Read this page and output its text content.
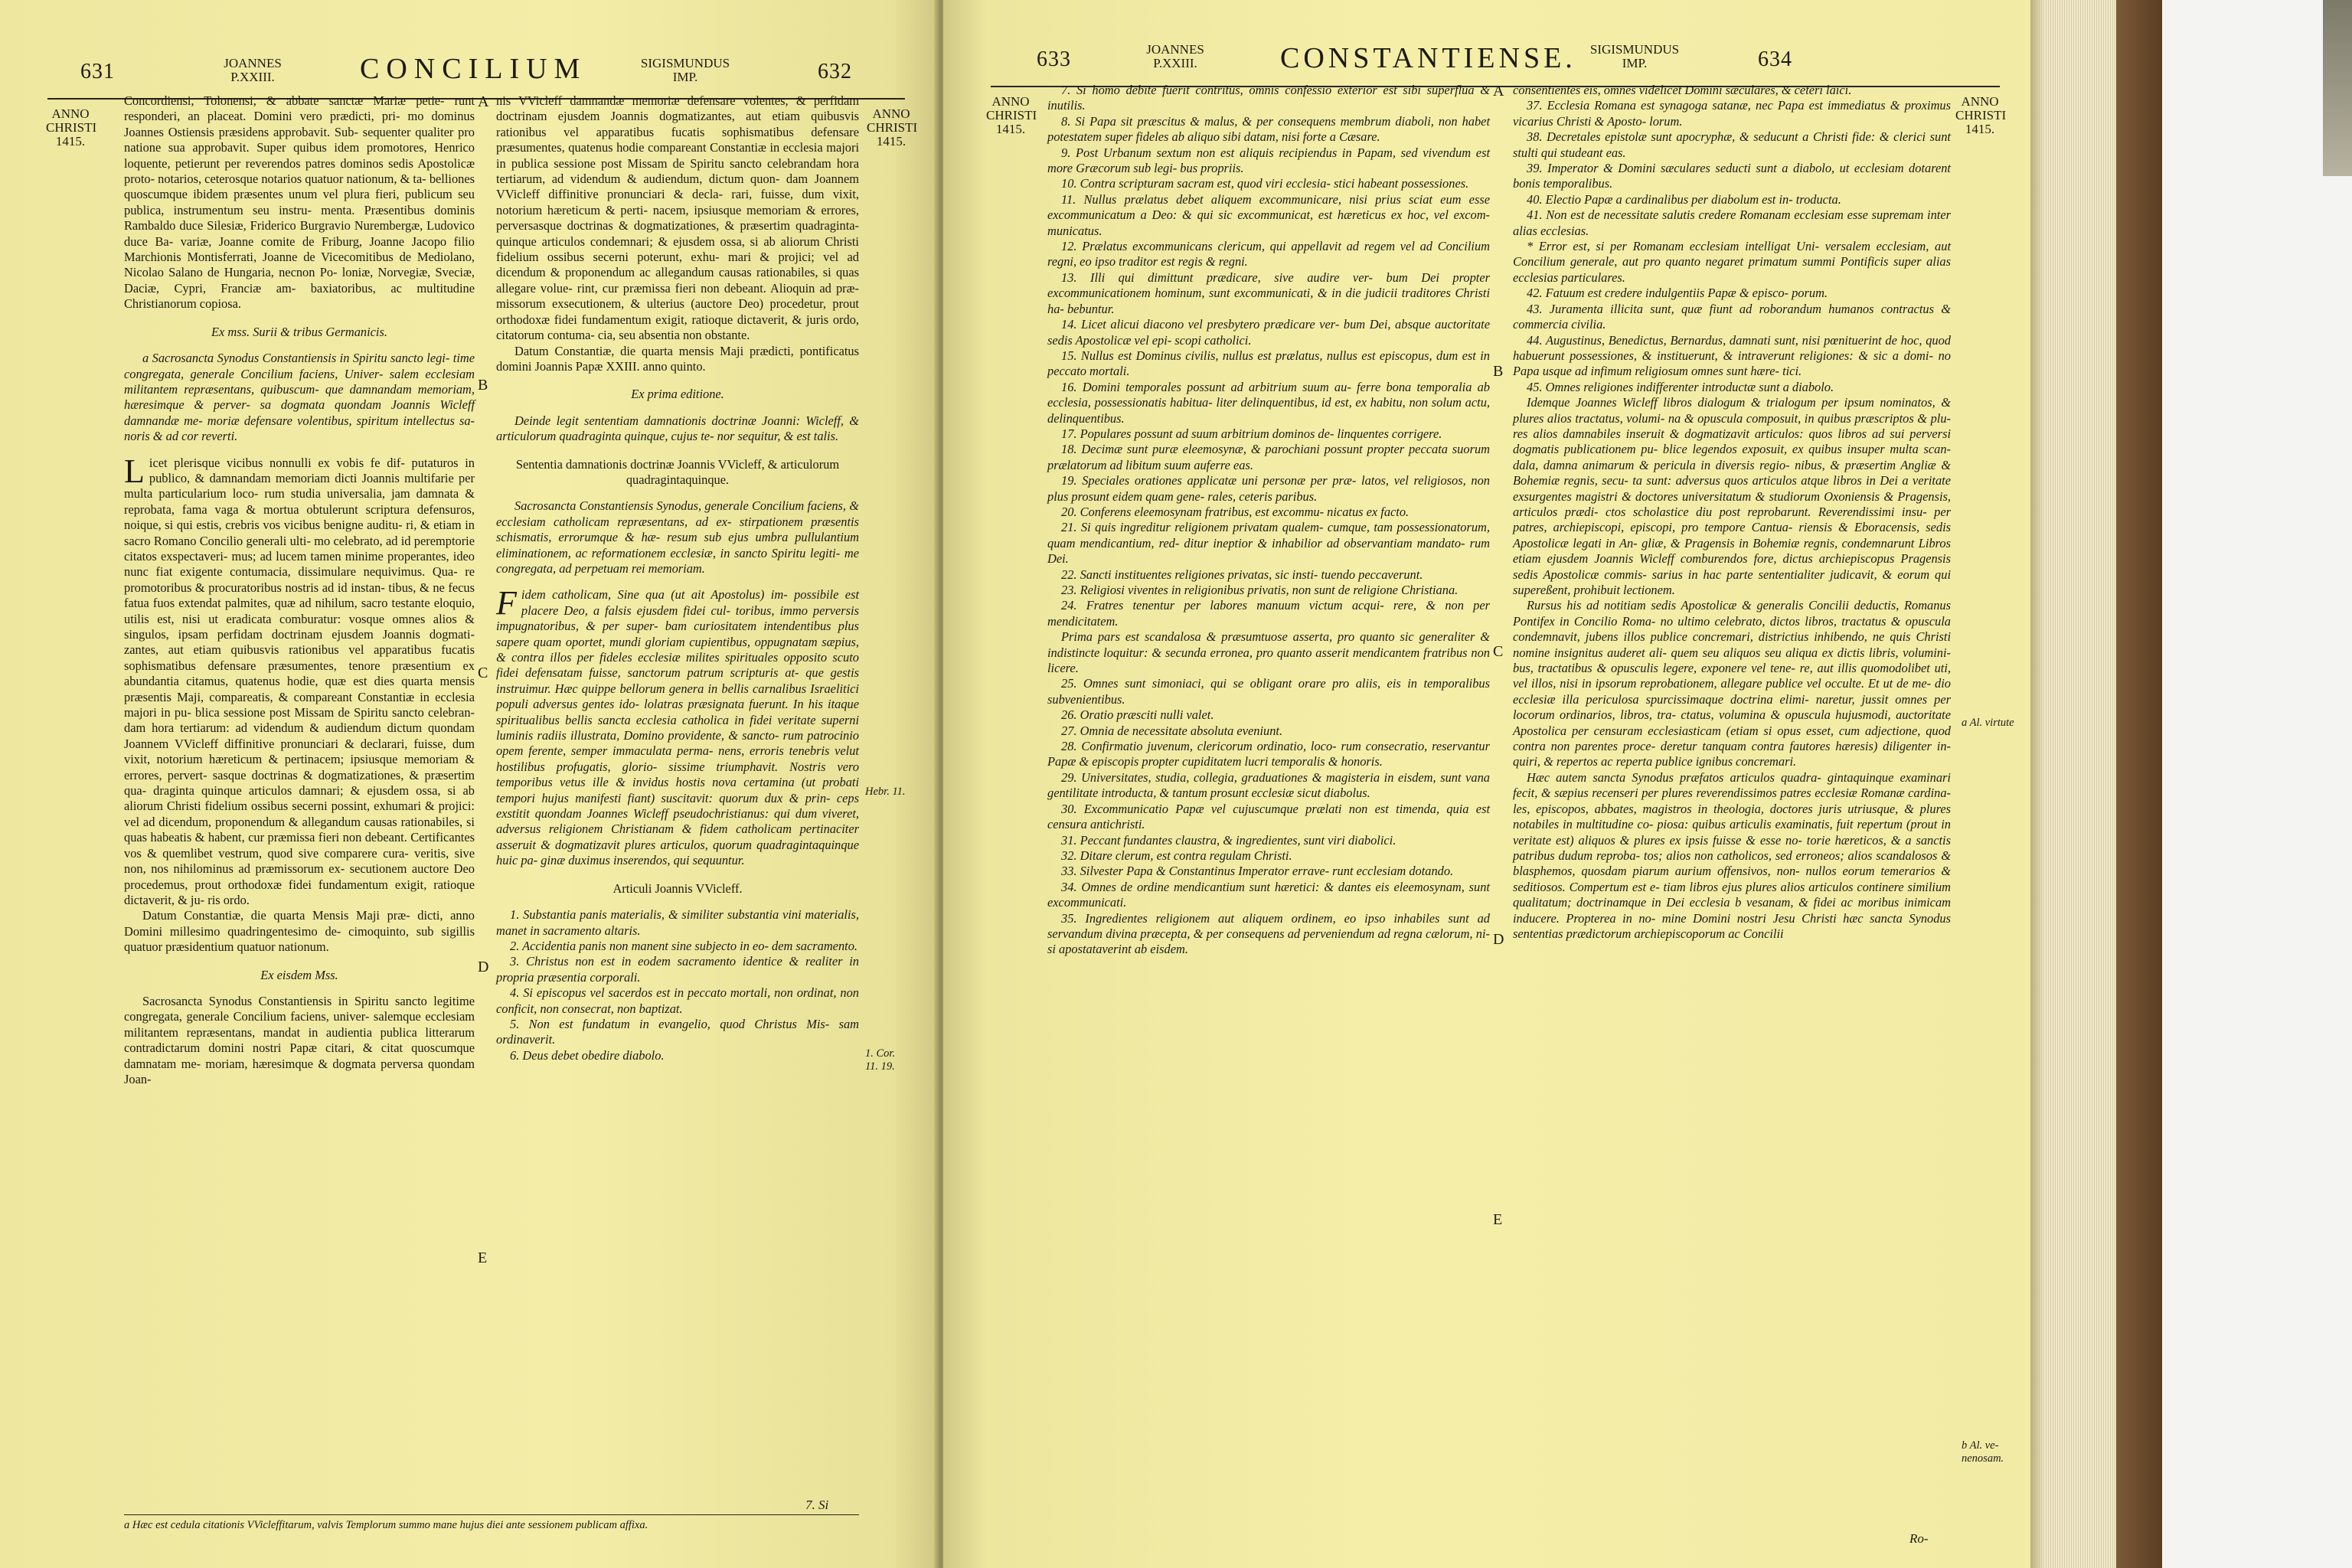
631	JOANNES P.XXIII.	CONCILIUM	SIGISMUNDUS IMP.	632
ANNO CHRISTI 1415.
ANNO CHRISTI 1415.

Concordiensi, Tolonensi, & abbate sanctæ Mariæ petie- runt responderi, an placeat. Domini vero prædicti, pri- mo dominus Joannes Ostiensis præsidens approbavit. Sub- sequenter qualiter pro natione sua approbavit. Super quibus idem promotores, Henrico loquente, petierunt per reverendos patres dominos sedis Apostolicæ proto- notarios, ceterosque notarios quatuor nationum, & ta- belliones quoscumque ibidem præsentes unum vel plura fieri, publicum seu publica, instrumentum seu instru- menta. Præsentibus dominis Rambaldo duce Silesiæ, Friderico Burgravio Nurembergæ, Ludovico duce Ba- variæ, Joanne comite de Friburg, Joanne Jacopo filio Marchionis Montisferrati, Joanne de Vicecomitibus de Mediolano, Nicolao Salano de Hungaria, necnon Po- loniæ, Norvegiæ, Sveciæ, Daciæ, Cypri, Franciæ am- baxiatoribus, ac multitudine Christianorum copiosa.

Ex mss. Surii & tribus Germanicis.

a Sacrosancta Synodus Constantiensis in Spiritu sancto legi- time congregata, generale Concilium faciens, Univer- salem ecclesiam militantem repræsentans, quibuscum- que damnandam memoriam, hæresimque & perver- sa dogmata quondam Joannis Wicleff damnandæ me- moriæ defensare volentibus, spiritum intellectus sa- noris & ad cor reverti.

Licet plerisque vicibus nonnulli ex vobis fe dif- putaturos in publico, & damnandam memoriam dicti Joannis multifarie per multa particularium loco- rum studia universalia, jam damnata & reprobata, fama vaga & mortua obtulerunt scriptura defensuros, noique, si qui estis, crebris vos vicibus benigne auditu- ri, & etiam in sacro Romano Concilio generali ulti- mo celebrato, ad id peremptorie citatos exspectaveri- mus; ad lucem tamen minime properantes, ideo nunc fiat exigente contumacia, dissimulare nequivimus. Qua- re promotoribus & procuratoribus nostris ad id instan- tibus, & ne fecus fatua fuos extendat palmites, quæ ad nihilum, sacro testante eloquio, utilis est, nisi ut eradicata comburatur: vosque omnes alios & singulos, ipsam perfidam doctrinam ejusdem Joannis dogmati- zantes, aut etiam quibusvis rationibus vel apparatibus fucatis sophismatibus defensare præsumentes, tenore præsentium ex abundantia citamus, quatenus hodie, quæ est dies quarta mensis præsentis Maji, compareatis, & compareant Constantiæ in ecclesia majori in pu- blica sessione post Missam de Spiritu sancto celebran- dam hora tertiarum: ad videndum & audiendum dictum quondam Joannem VVicleff diffinitive pronunciari & declarari, fuisse, dum vixit, notorium hæreticum & pertinacem; ipsiusque memoriam & errores, pervert- sasque doctrinas & dogmatizationes, & præsertim qua- draginta quinque articulos damnari; & ejusdem ossa, si ab aliorum Christi fidelium ossibus secerni possint, exhumari & projici: vel ad dicendum, proponendum & allegandum causas rationabiles, si quas habeatis & habent, cur præmissa fieri non debeant. Certificantes vos & quemlibet vestrum, quod sive comparere cura- veritis, sive non, nos nihilominus ad præmissorum ex- secutionem auctore Deo procedemus, prout orthodoxæ fidei fundamentum exigit, ratioque dictaverit, & ju- ris ordo.

Datum Constantiæ, die quarta Mensis Maji præ- dicti, anno Domini millesimo quadringentesimo de- cimoquinto, sub sigillis quatuor præsidentium quatuor nationum.

Ex eisdem Mss.

Sacrosancta Synodus Constantiensis in Spiritu sancto legitime congregata, generale Concilium faciens, univer- salemque ecclesiam militantem repræsentans, mandat in audientia publica litterarum contradictarum domini nostri Papæ citari, & citat quoscumque damnatam me- moriam, hæresimque & dogmata perversa quondam Joan-

nis VVicleff damnandæ memoriæ defensare volentes, & perfidam doctrinam ejusdem Joannis dogmatizantes, aut etiam quibusvis rationibus vel apparatibus fucatis sophismatibus defensare præsumentes, quatenus hodie compareant Constantiæ in ecclesia majori in publica sessione post Missam de Spiritu sancto celebrandam hora tertiarum, ad videndum & audiendum, dictum quon- dam Joannem VVicleff diffinitive pronunciari & decla- rari, fuisse, dum vixit, notorium hæreticum & perti- nacem, ipsiusque memoriam & errores, perversasque doctrinas & dogmatizationes, & præsertim quadraginta- quinque articulos condemnari; & ejusdem ossa, si ab aliorum Christi fidelium ossibus secerni poterunt, exhu- mari & projici; vel ad dicendum & proponendum ac allegandum causas rationabiles, si quas allegare volue- rint, cur præmissa fieri non debeant. Alioquin ad præ- missorum exsecutionem, & ulterius (auctore Deo) procedetur, prout orthodoxæ fidei fundamentum exigit, ratioque dictaverit, & juris ordo, citatorum contuma- cia, seu absentia non obstante.

Datum Constantiæ, die quarta mensis Maji prædicti, pontificatus domini Joannis Papæ XXIII. anno quinto.

Ex prima editione.

Deinde legit sententiam damnationis doctrinæ Joanni: Wicleff, & articulorum quadraginta quinque, cujus te- nor sequitur, & est talis.

Sententia damnationis doctrinæ Joannis VVicleff, & articulorum quadragintaquinque.

Sacrosancta Constantiensis Synodus, generale Concilium faciens, & ecclesiam catholicam repræsentans, ad ex- stirpationem præsentis schismatis, errorumque & hæ- resum sub ejus umbra pullulantium eliminationem, ac reformationem ecclesiæ, in sancto Spiritu legiti- me congregata, ad perpetuam rei memoriam.

Fidem catholicam, Sine qua (ut ait Apostolus) im- possibile est placere Deo, a falsis ejusdem fidei cul- toribus, immo perversis impugnatoribus, & per super- bam curiositatem intendentibus plus sapere quam oportet, mundi gloriam cupientibus, oppugnatam sæpius, & contra illos per fideles ecclesiæ milites spirituales opposito scuto fidei defensatam fuisse, sanctorum patrum scripturis at- que gestis instruimur. Hæc quippe bellorum genera in bellis carnalibus Israelitici populi adversus gentes ido- lolatras præsignata fuerunt. In his itaque spiritualibus bellis sancta ecclesia catholica in fidei veritate superni luminis radiis illustrata, Domino providente, & sancto- rum patrocinio opem ferente, semper immaculata perma- nens, erroris tenebris velut hostilibus profugatis, glorio- sissime triumphavit. Nostris vero temporibus vetus ille & invidus hostis nova certamina (ut probati tempori hujus manifesti fiant) suscitavit: quorum dux & prin- ceps exstitit quondam Joannes Wicleff pseudochristianus: qui dum viveret, adversus religionem Christianam & fidem catholicam pertinaciter asseruit & dogmatizavit plures articulos, quorum quadragintaquinque huic pa- ginæ duximus inserendos, qui sequuntur.

Articuli Joannis VVicleff.

1. Substantia panis materialis, & similiter substantia vini materialis, manet in sacramento altaris.

2. Accidentia panis non manent sine subjecto in eo- dem sacramento.

3. Christus non est in eodem sacramento identice & realiter in propria præsentia corporali.

4. Si episcopus vel sacerdos est in peccato mortali, non ordinat, non conficit, non consecrat, non baptizat.

5. Non est fundatum in evangelio, quod Christus Mis- sam ordinaverit.

6. Deus debet obedire diabolo.

A
B
C
D
E
Hebr. 11.
1. Cor. 11. 19.
7. Si
a Hæc est cedula citationis VVicleffitarum, valvis Templorum summo mane hujus diei ante sessionem publicam affixa.
633	JOANNES P.XXIII.	CONSTANTIENSE.	SIGISMUNDUS IMP.	634
ANNO CHRISTI 1415.
ANNO CHRISTI 1415.

7. Si homo debite fuerit contritus, omnis confessio exterior est sibi superflua & inutilis.

8. Si Papa sit præscitus & malus, & per consequens membrum diaboli, non habet potestatem super fideles ab aliquo sibi datam, nisi forte a Cæsare.

9. Post Urbanum sextum non est aliquis recipiendus in Papam, sed vivendum est more Græcorum sub legi- bus propriis.

10. Contra scripturam sacram est, quod viri ecclesia- stici habeant possessiones.

11. Nullus prælatus debet aliquem excommunicare, nisi prius sciat eum esse excommunicatum a Deo: & qui sic excommunicat, est hæreticus ex hoc, vel excom- municatus.

12. Prælatus excommunicans clericum, qui appellavit ad regem vel ad Concilium regni, eo ipso traditor est regis & regni.

13. Illi qui dimittunt prædicare, sive audire ver- bum Dei propter excommunicationem hominum, sunt excommunicati, & in die judicii traditores Christi ha- bebuntur.

14. Licet alicui diacono vel presbytero prædicare ver- bum Dei, absque auctoritate sedis Apostolicæ vel epi- scopi catholici.

15. Nullus est Dominus civilis, nullus est prælatus, nullus est episcopus, dum est in peccato mortali.

16. Domini temporales possunt ad arbitrium suum au- ferre bona temporalia ab ecclesia, possessionatis habitua- liter delinquentibus, id est, ex habitu, non solum actu, delinquentibus.

17. Populares possunt ad suum arbitrium dominos de- linquentes corrigere.

18. Decimæ sunt puræ eleemosynæ, & parochiani possunt propter peccata suorum prælatorum ad libitum suum auferre eas.

19. Speciales orationes applicatæ uni personæ per præ- latos, vel religiosos, non plus prosunt eidem quam gene- rales, ceteris paribus.

20. Conferens eleemosynam fratribus, est excommu- nicatus ex facto.

21. Si quis ingreditur religionem privatam qualem- cumque, tam possessionatorum, quam mendicantium, red- ditur ineptior & inhabilior ad observantiam mandato- rum Dei.

22. Sancti instituentes religiones privatas, sic insti- tuendo peccaverunt.

23. Religiosi viventes in religionibus privatis, non sunt de religione Christiana.

24. Fratres tenentur per labores manuum victum acqui- rere, & non per mendicitatem.

Prima pars est scandalosa & præsumtuose asserta, pro quanto sic generaliter & indistincte loquitur: & secunda erronea, pro quanto asserit mendicantem fratribus non licere.

25. Omnes sunt simoniaci, qui se obligant orare pro aliis, eis in temporalibus subvenientibus.

26. Oratio præsciti nulli valet.

27. Omnia de necessitate absoluta eveniunt.

28. Confirmatio juvenum, clericorum ordinatio, loco- rum consecratio, reservantur Papæ & episcopis propter cupiditatem lucri temporalis & honoris.

29. Universitates, studia, collegia, graduationes & magisteria in eisdem, sunt vana gentilitate introducta, & tantum prosunt ecclesiæ sicut diabolus.

30. Excommunicatio Papæ vel cujuscumque prælati non est timenda, quia est censura antichristi.

31. Peccant fundantes claustra, & ingredientes, sunt viri diabolici.

32. Ditare clerum, est contra regulam Christi.

33. Silvester Papa & Constantinus Imperator errave- runt ecclesiam dotando.

34. Omnes de ordine mendicantium sunt hæretici: & dantes eis eleemosynam, sunt excommunicati.

35. Ingredientes religionem aut aliquem ordinem, eo ipso inhabiles sunt ad servandum divina præcepta, & per consequens ad perveniendum ad regna cælorum, ni- si apostataverint ab eisdem.

consentientes eis, omnes videlicet Domini sæculares, & ceteri laici.

37. Ecclesia Romana est synagoga satanæ, nec Papa est immediatus & proximus vicarius Christi & Aposto- lorum.

38. Decretales epistolæ sunt apocryphæ, & seducunt a Christi fide: & clerici sunt stulti qui studeant eas.

39. Imperator & Domini sæculares seducti sunt a diabolo, ut ecclesiam dotarent bonis temporalibus.

40. Electio Papæ a cardinalibus per diabolum est in- troducta.

41. Non est de necessitate salutis credere Romanam ecclesiam esse supremam inter alias ecclesias.

* Error est, si per Romanam ecclesiam intelligat Uni- versalem ecclesiam, aut Concilium generale, aut pro quanto negaret primatum summi Pontificis super alias ecclesias particulares.

42. Fatuum est credere indulgentiis Papæ & episco- porum.

43. Juramenta illicita sunt, quæ fiunt ad roborandum humanos contractus & commercia civilia.

44. Augustinus, Benedictus, Bernardus, damnati sunt, nisi pœnituerint de hoc, quod habuerunt possessiones, & instituerunt, & intraverunt religiones: & sic a domi- no Papa usque ad infimum religiosum omnes sunt hære- tici.

45. Omnes religiones indifferenter introductæ sunt a diabolo.

Idemque Joannes Wicleff libros dialogum & trialogum per ipsum nominatos, & plures alios tractatus, volumi- na & opuscula composuit, in quibus præscriptos & plu- res alios damnabiles inseruit & dogmatizavit articulos: quos libros ad sui perversi dogmatis publicationem pu- blice legendos exposuit, ex quibus insuper multa scan- dala, damna animarum & pericula in diversis regio- nibus, & præsertim Angliæ & Bohemiæ regnis, secu- ta sunt: adversus quos articulos atque libros in Dei a veritate exsurgentes magistri & doctores universitatum & studiorum Oxoniensis & Pragensis, articulos prædi- ctos scholastice diu post reprobarunt. Reverendissimi insu- per patres, archiepiscopi, episcopi, pro tempore Cantua- riensis & Eboracensis, sedis Apostolicæ legati in An- gliæ, & Pragensis in Bohemiæ regnis, condemnarunt Libros etiam ejusdem Joannis Wicleff comburendos fore, dictus archiepiscopus Pragensis sedis Apostolicæ commis- sarius in hac parte sententialiter judicavit, & eorum qui supereßent, prohibuit lectionem.

Rursus his ad notitiam sedis Apostolicæ & generalis Concilii deductis, Romanus Pontifex in Concilio Roma- no ultimo celebrato, dictos libros, tractatus & opuscula condemnavit, jubens illos publice concremari, districtius inhibendo, ne quis Christi nomine insignitus auderet ali- quem seu aliquos seu aliqua ex dictis libris, volumini- bus, tractatibus & opusculis legere, exponere vel tene- re, aut illis quomodolibet uti, vel illos, nisi in ipsorum reprobationem, allegare publice vel occulte. Et ut de me- dio ecclesiæ illa periculosa spurcissimaque doctrina elimi- naretur, jussit omnes per locorum ordinarios, libros, tra- ctatus, volumina & opuscula hujusmodi, auctoritate Apostolica per censuram ecclesiasticam (etiam si opus esset, cum adjectione, quod contra non parentes proce- deretur tanquam contra fautores hæresis) diligenter in- quiri, & repertos ac reperta publice ignibus concremari.

Hæc autem sancta Synodus præfatos articulos quadra- gintaquinque examinari fecit, & sæpius recenseri per plures reverendissimos patres ecclesiæ Romanæ cardina- les, episcopos, abbates, magistros in theologia, doctores juris utriusque, & plures notabiles in multitudine co- piosa: quibus articulis examinatis, fuit repertum (prout in veritate est) aliquos & plures ex ipsis fuisse & esse no- torie hæreticos, & a sanctis patribus dudum reproba- tos; alios non catholicos, sed erroneos; alios scandalosos & blasphemos, quosdam piarum aurium offensivos, non- nullos eorum temerarios & seditiosos. Compertum est e- tiam libros ejus plures alios articulos continere similium qualitatum; doctrinamque in Dei ecclesia b vesanam, & fidei ac moribus inimicam inducere. Propterea in no- mine Domini nostri Jesu Christi hæc sancta Synodus sententias prædictorum archiepiscoporum ac Concilii

A
B
C
D
E
a Al. virtute
b Al. ve- nenosam.
Ro-
